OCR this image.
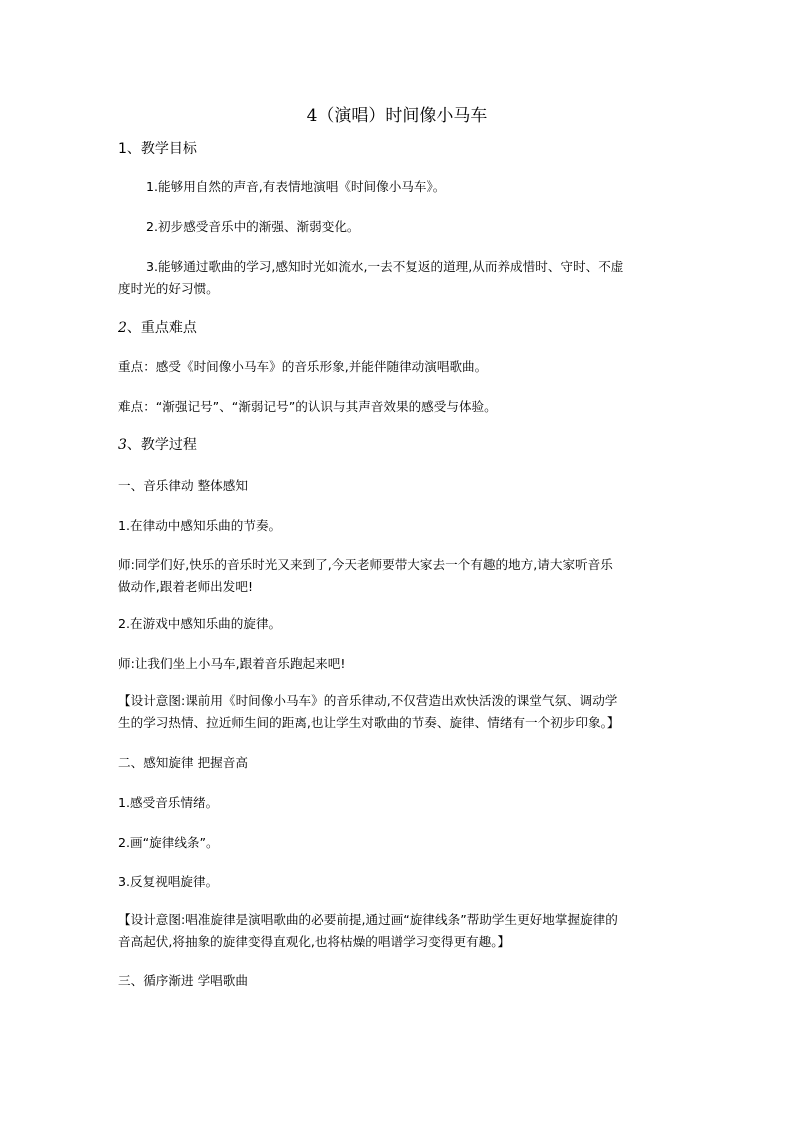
4（演唱）时间像小马车
1、教学目标
1.能够用自然的声音,有表情地演唱《时间像小马车》。
2.初步感受音乐中的渐强、渐弱变化。
3.能够通过歌曲的学习,感知时光如流水,一去不复返的道理,从而养成惜时、守时、不虚
度时光的好习惯。
2、重点难点
重点：感受《时间像小马车》的音乐形象,并能伴随律动演唱歌曲。
难点：“渐强记号”、“渐弱记号”的认识与其声音效果的感受与体验。
3、教学过程
一、音乐律动 整体感知
1.在律动中感知乐曲的节奏。
师:同学们好,快乐的音乐时光又来到了,今天老师要带大家去一个有趣的地方,请大家听音乐
做动作,跟着老师出发吧!
2.在游戏中感知乐曲的旋律。
师:让我们坐上小马车,跟着音乐跑起来吧!
【设计意图:课前用《时间像小马车》的音乐律动,不仅营造出欢快活泼的课堂气氛、调动学
生的学习热情、拉近师生间的距离,也让学生对歌曲的节奏、旋律、情绪有一个初步印象。】
二、感知旋律 把握音高
1.感受音乐情绪。
2.画“旋律线条”。
3.反复视唱旋律。
【设计意图:唱准旋律是演唱歌曲的必要前提,通过画“旋律线条”帮助学生更好地掌握旋律的
音高起伏,将抽象的旋律变得直观化,也将枯燥的唱谱学习变得更有趣。】
三、循序渐进 学唱歌曲
